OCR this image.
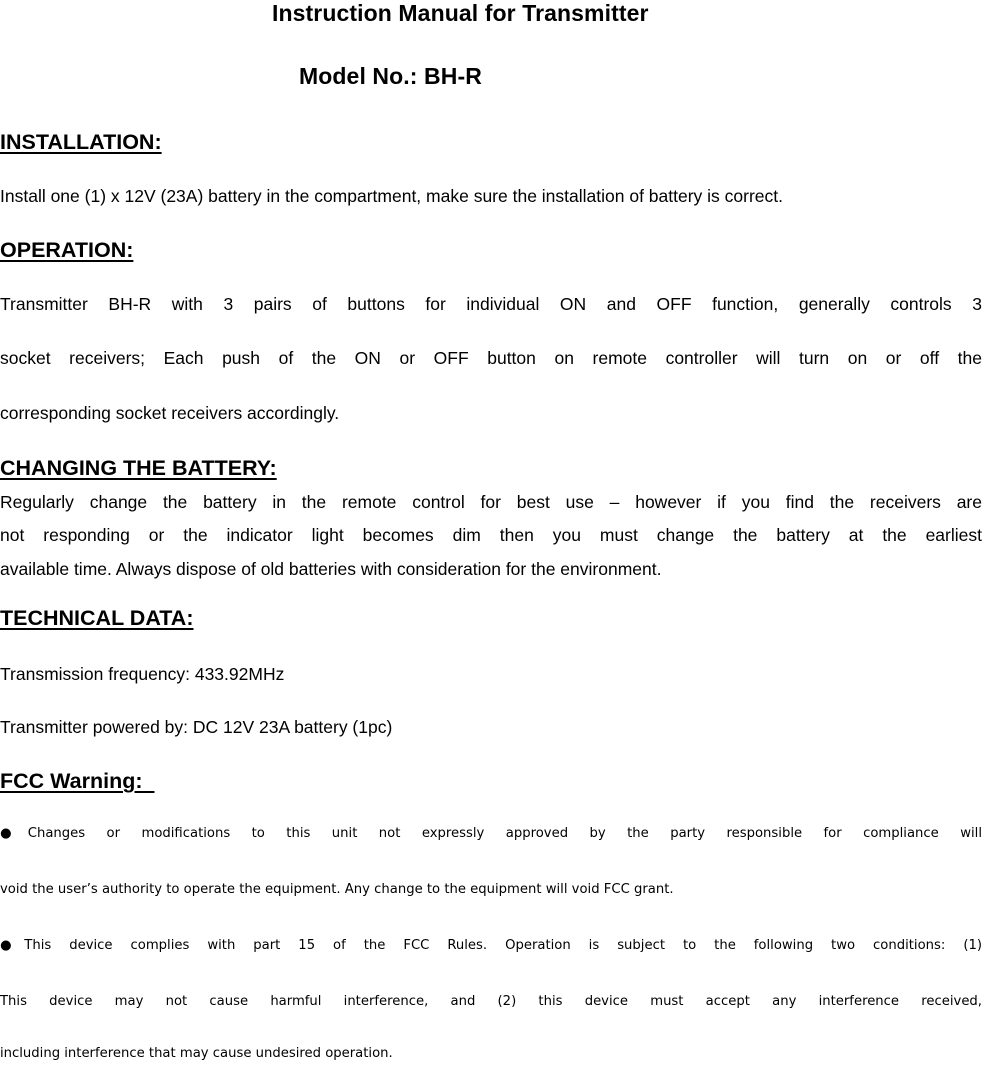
Instruction Manual for Transmitter
Model No.: BH-R
INSTALLATION:

Install one (1) x 12V (23A) battery in the compartment, make sure the installation of battery is correct.

OPERATION:

Transmitter BH-R with 3 pairs of buttons for individual ON and OFF function, generally controls 3

socket receivers; Each push of the ON or OFF button on remote controller will turn on or off the

corresponding socket receivers accordingly.

CHANGING THE BATTERY:

Regularly change the battery in the remote control for best use – however if you find the receivers are

not responding or the indicator light becomes dim then you must change the battery at the earliest

available time. Always dispose of old batteries with consideration for the environment.

TECHNICAL DATA:

Transmission frequency: 433.92MHz

Transmitter powered by: DC 12V 23A battery (1pc)

FCC Warning:

●Changes or modifications to this unit not expressly approved by the party responsible for compliance will

void the user’s authority to operate the equipment. Any change to the equipment will void FCC grant.

●This device complies with part 15 of the FCC Rules. Operation is subject to the following two conditions: (1)

This device may not cause harmful interference, and (2) this device must accept any interference received,

including interference that may cause undesired operation.
